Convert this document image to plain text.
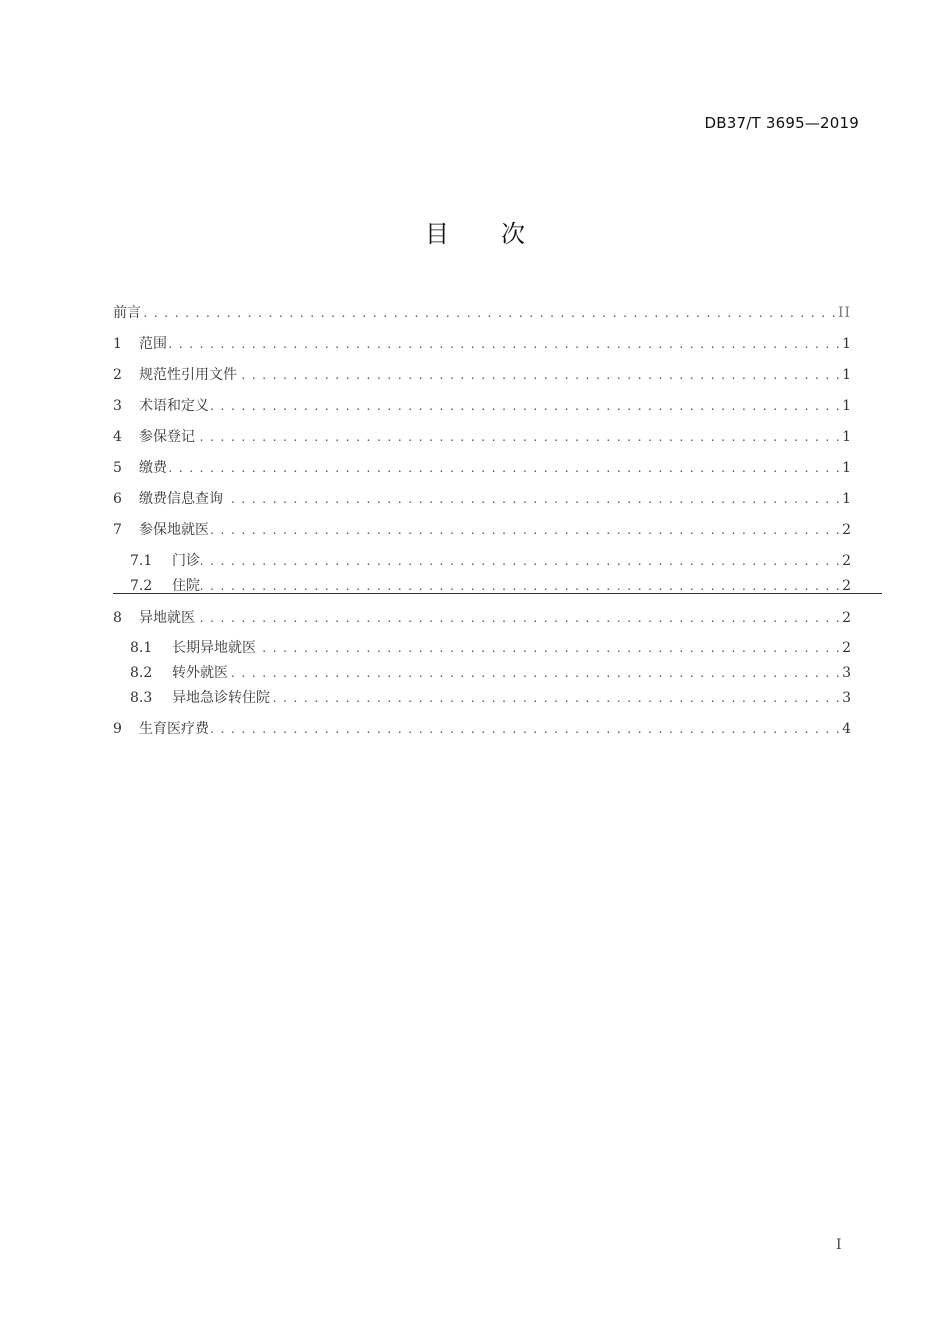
DB37/T 3695—2019
目 次
前言 . . .	II
1	范围 . . .	1
2	规范性引用文件 . . .	1
3	术语和定义 . . .	1
4	参保登记 . . .	1
5	缴费 . . .	1
6	缴费信息查询 . . .	1
7	参保地就医 . . .	2
7.1	门诊 . . .	2
7.2	住院 . . .	2
8	异地就医 . . .	2
8.1	长期异地就医 . . .	2
8.2	转外就医 . . .	3
8.3	异地急诊转住院 . . .	3
9	生育医疗费 . . .	4
I
